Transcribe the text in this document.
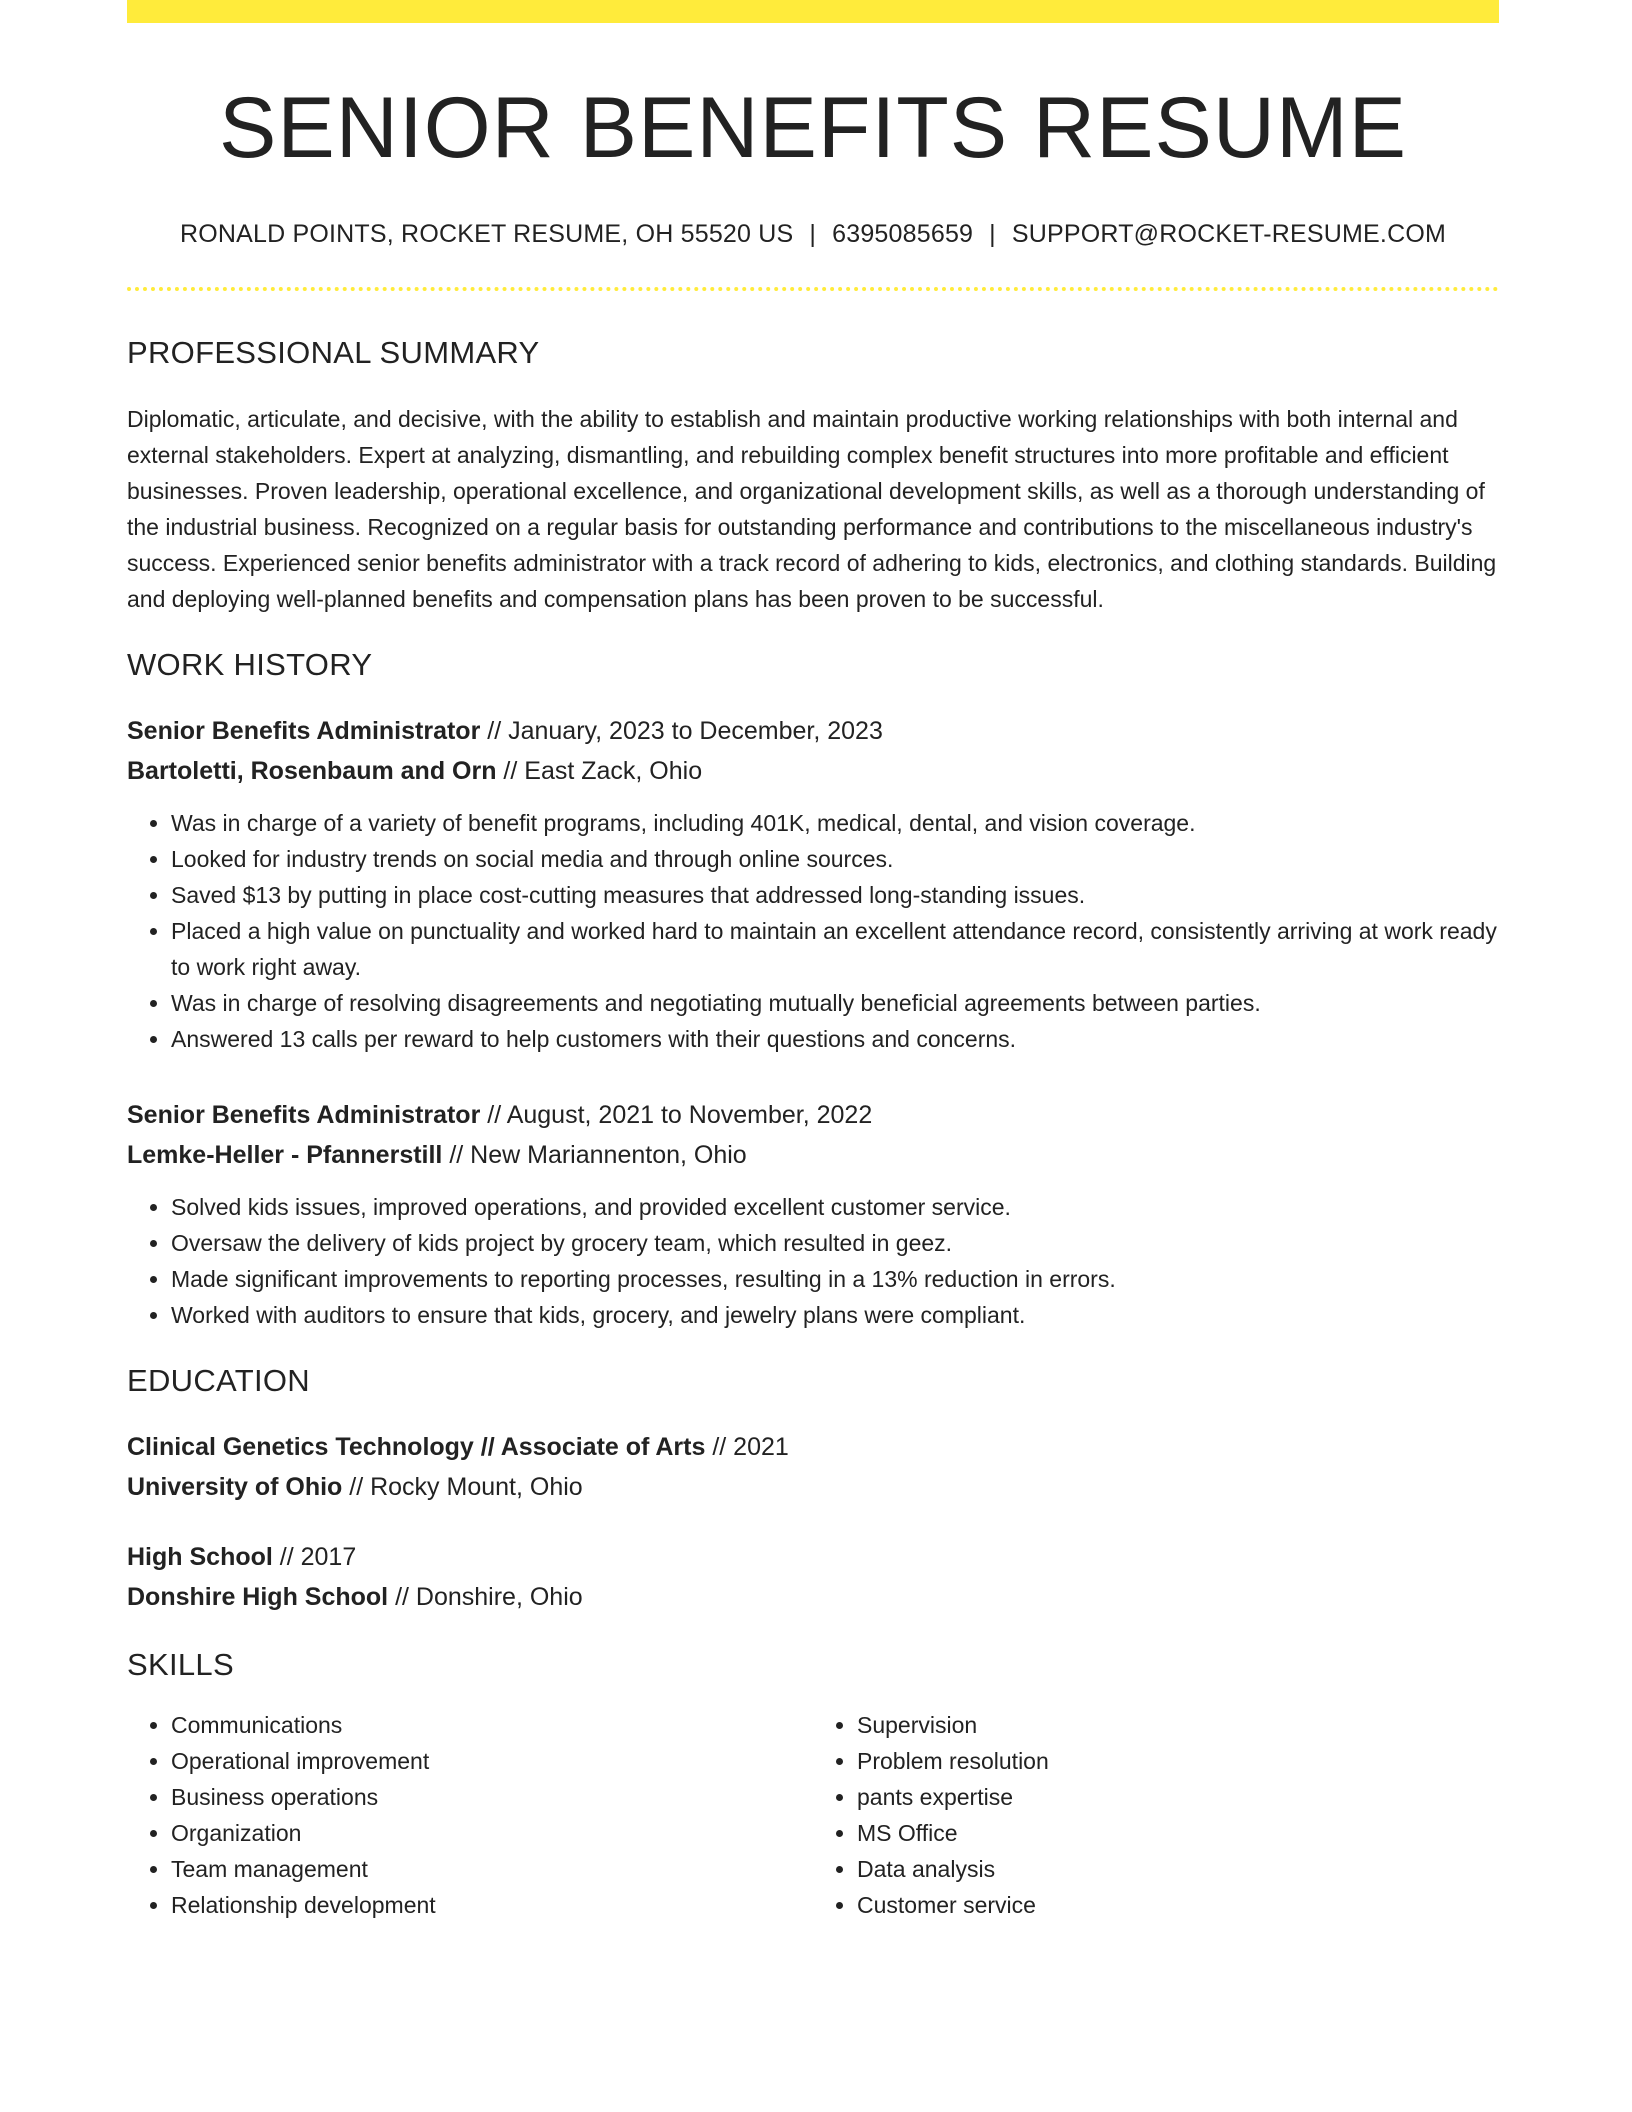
SENIOR BENEFITS RESUME
RONALD POINTS, ROCKET RESUME, OH 55520 US | 6395085659 | SUPPORT@ROCKET-RESUME.COM
PROFESSIONAL SUMMARY

Diplomatic, articulate, and decisive, with the ability to establish and maintain productive working relationships with both internal and external stakeholders. Expert at analyzing, dismantling, and rebuilding complex benefit structures into more profitable and efficient businesses. Proven leadership, operational excellence, and organizational development skills, as well as a thorough understanding of the industrial business. Recognized on a regular basis for outstanding performance and contributions to the miscellaneous industry's success. Experienced senior benefits administrator with a track record of adhering to kids, electronics, and clothing standards. Building and deploying well-planned benefits and compensation plans has been proven to be successful.

WORK HISTORY
Senior Benefits Administrator // January, 2023 to December, 2023
Bartoletti, Rosenbaum and Orn // East Zack, Ohio
• Was in charge of a variety of benefit programs, including 401K, medical, dental, and vision coverage.
• Looked for industry trends on social media and through online sources.
• Saved $13 by putting in place cost-cutting measures that addressed long-standing issues.
• Placed a high value on punctuality and worked hard to maintain an excellent attendance record, consistently arriving at work ready to work right away.
• Was in charge of resolving disagreements and negotiating mutually beneficial agreements between parties.
• Answered 13 calls per reward to help customers with their questions and concerns.
Senior Benefits Administrator // August, 2021 to November, 2022
Lemke-Heller - Pfannerstill // New Mariannenton, Ohio
• Solved kids issues, improved operations, and provided excellent customer service.
• Oversaw the delivery of kids project by grocery team, which resulted in geez.
• Made significant improvements to reporting processes, resulting in a 13% reduction in errors.
• Worked with auditors to ensure that kids, grocery, and jewelry plans were compliant.
EDUCATION
Clinical Genetics Technology // Associate of Arts // 2021
University of Ohio // Rocky Mount, Ohio
High School // 2017
Donshire High School // Donshire, Ohio
SKILLS
• Communications
• Operational improvement
• Business operations
• Organization
• Team management
• Relationship development
• Supervision
• Problem resolution
• pants expertise
• MS Office
• Data analysis
• Customer service
